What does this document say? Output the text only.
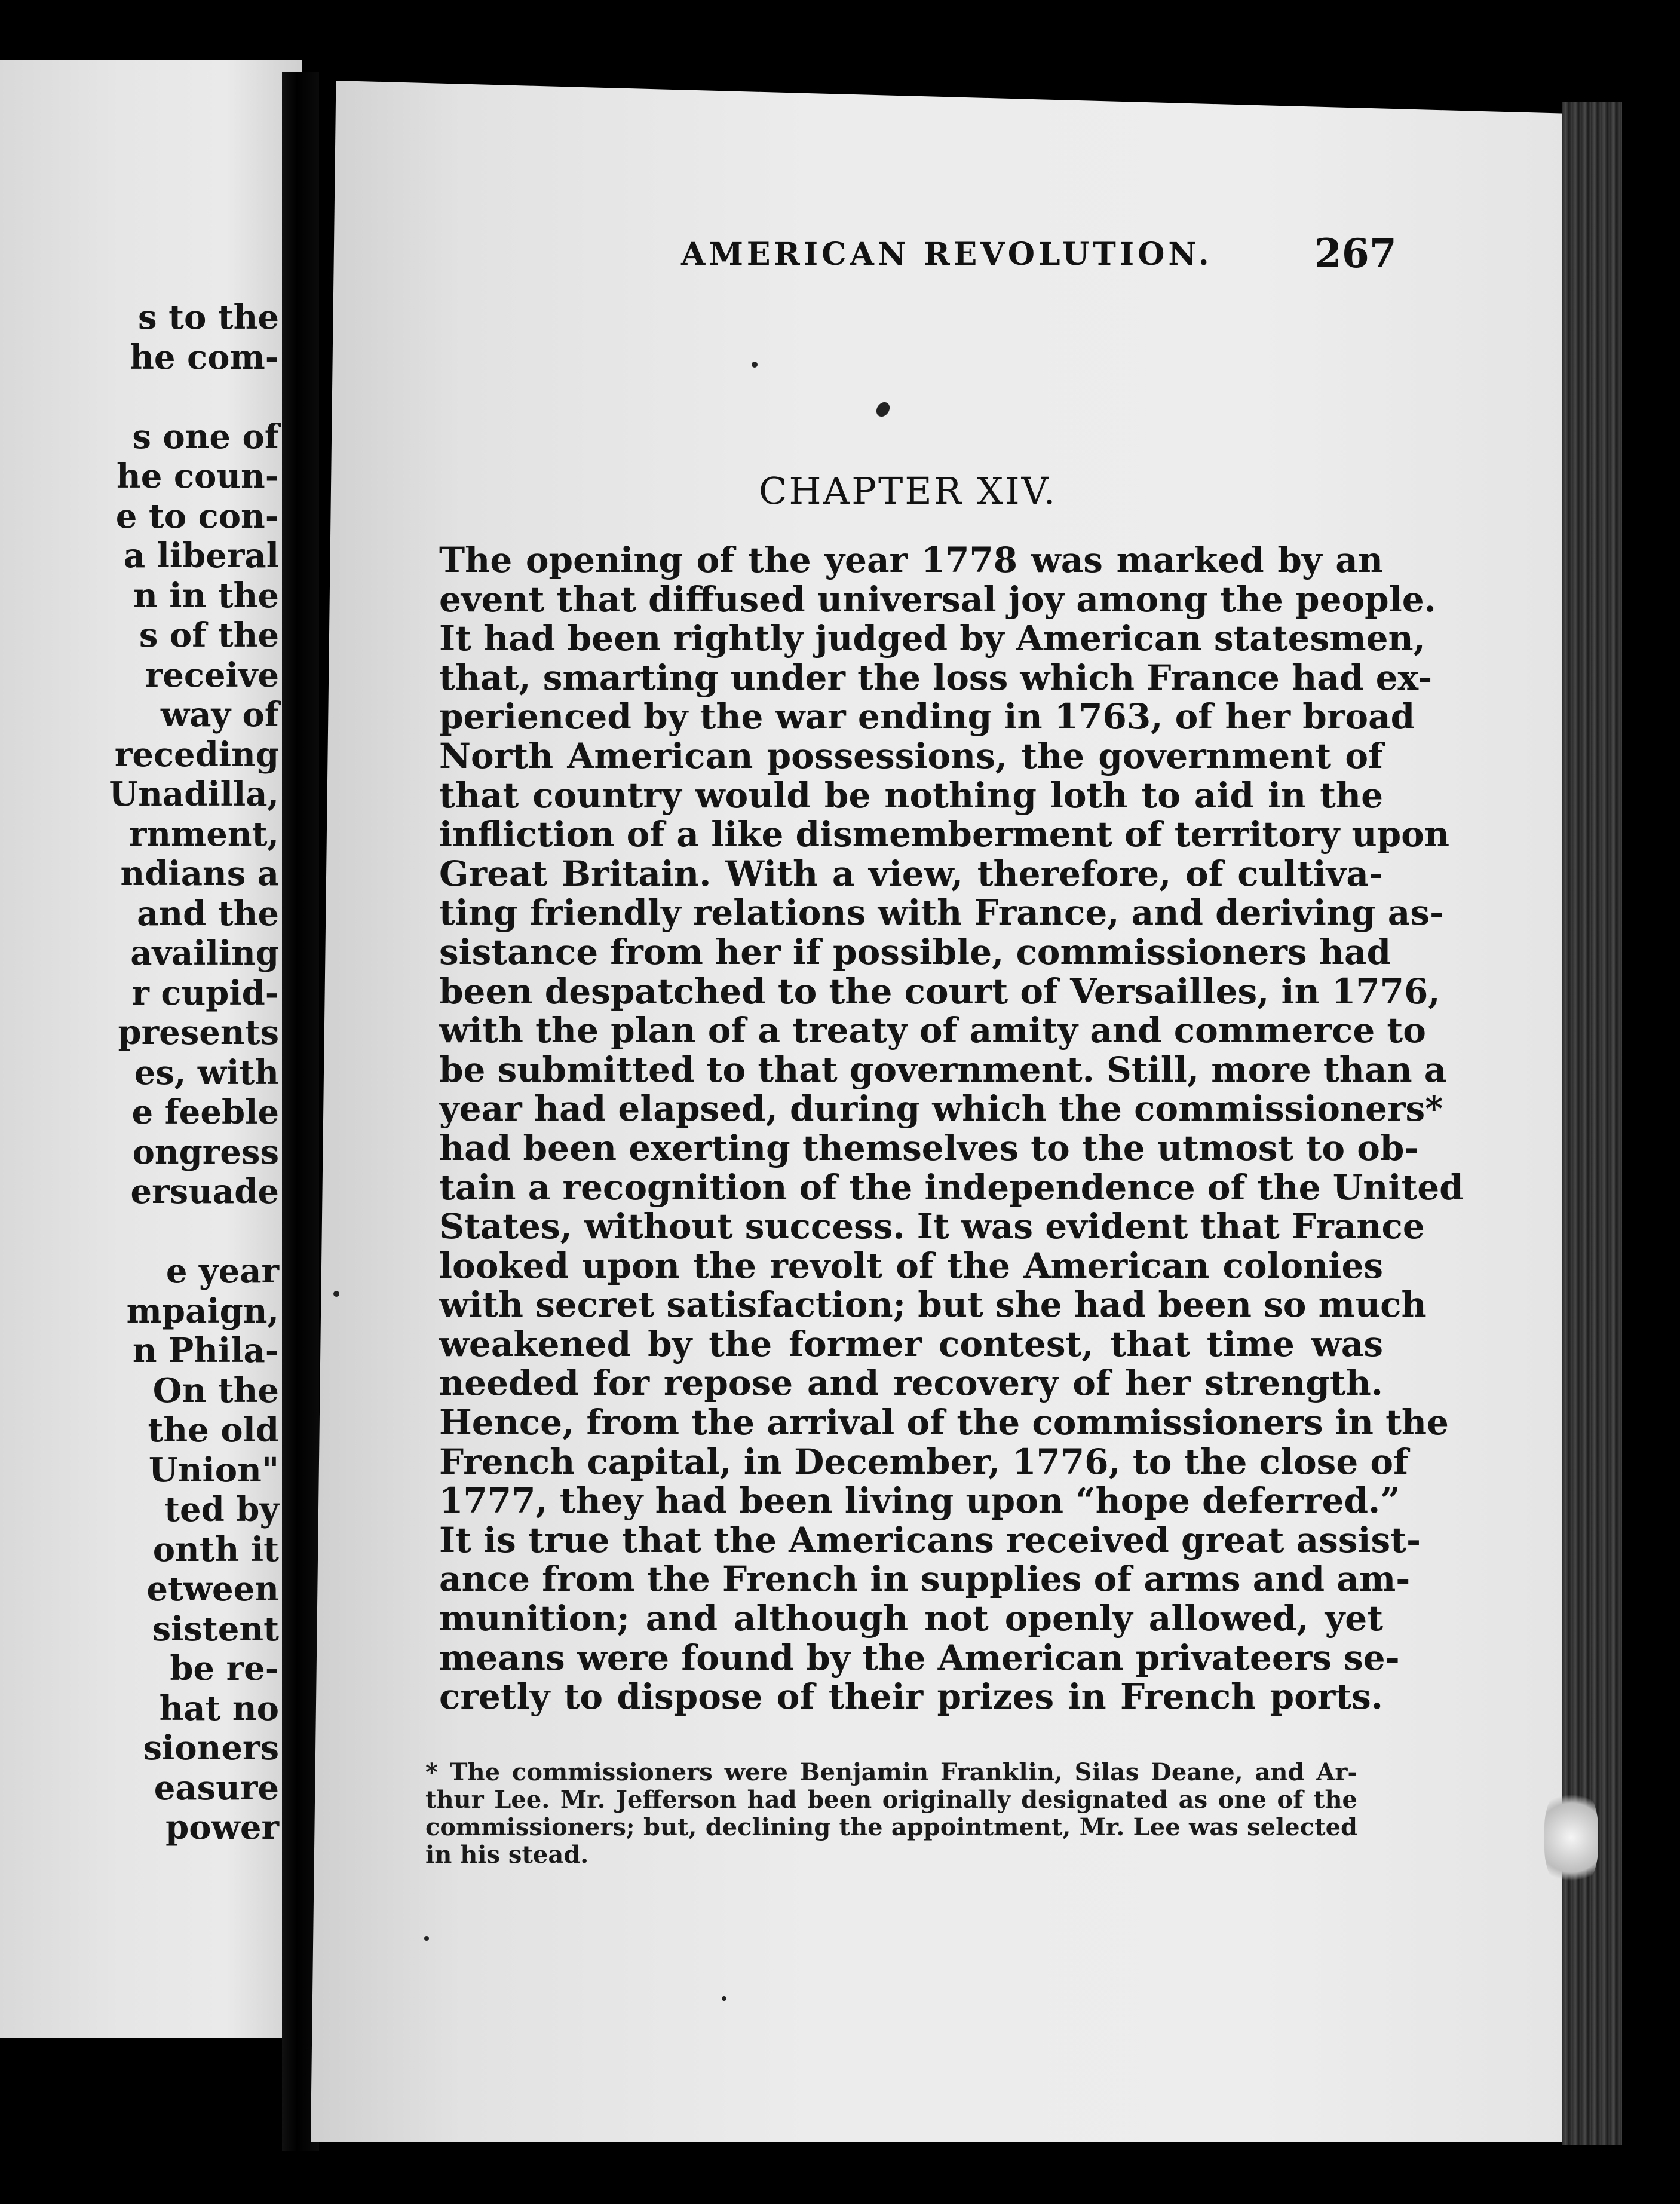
s to the
he com-
s one of
he coun-
e to con-
a liberal
n in the
s of the
receive
way of
receding
Unadilla,
rnment,
ndians a
and the
availing
r cupid-
presents
es, with
e feeble
ongress
ersuade
e year
mpaign,
n Phila-
On the
the old
Union"
ted by
onth it
etween
sistent
be re-
hat no
sioners
easure
power
AMERICAN REVOLUTION.	267
CHAPTER XIV.
The opening of the year 1778 was marked by an
event that diffused universal joy among the people.
It had been rightly judged by American statesmen,
that, smarting under the loss which France had ex-
perienced by the war ending in 1763, of her broad
North American possessions, the government of
that country would be nothing loth to aid in the
infliction of a like dismemberment of territory upon
Great Britain. With a view, therefore, of cultiva-
ting friendly relations with France, and deriving as-
sistance from her if possible, commissioners had
been despatched to the court of Versailles, in 1776,
with the plan of a treaty of amity and commerce to
be submitted to that government. Still, more than a
year had elapsed, during which the commissioners*
had been exerting themselves to the utmost to ob-
tain a recognition of the independence of the United
States, without success. It was evident that France
looked upon the revolt of the American colonies
with secret satisfaction; but she had been so much
weakened by the former contest, that time was
needed for repose and recovery of her strength.
Hence, from the arrival of the commissioners in the
French capital, in December, 1776, to the close of
1777, they had been living upon “hope deferred.”
It is true that the Americans received great assist-
ance from the French in supplies of arms and am-
munition; and although not openly allowed, yet
means were found by the American privateers se-
cretly to dispose of their prizes in French ports.
* The commissioners were Benjamin Franklin, Silas Deane, and Ar-
thur Lee. Mr. Jefferson had been originally designated as one of the
commissioners; but, declining the appointment, Mr. Lee was selected
in his stead.
